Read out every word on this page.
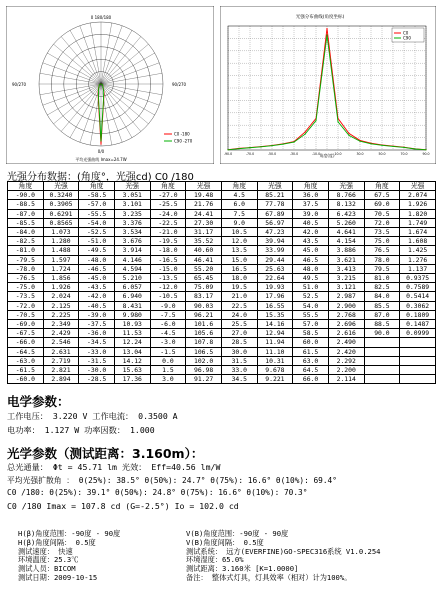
0 180/180
90/270	90/270
0/0
平均光强曲线 Imax=24.7W
C0 -180
C90 -270
光强分布曲线(角度坐标)
-90.0	-70.0	-50.0	-30.0	-10.0	10.0	30.0	50.0	70.0	90.0
C0
C90
角度(度)
光强分布数据：(角度°，光强cd) C0 /180
角度	光强	角度	光强	角度	光强	角度	光强	角度	光强	角度	光强
-90.0	0.3240	-58.5	3.051	-27.0	19.48	4.5	85.21	36.0	8.766	67.5	2.074
-88.5	0.3905	-57.0	3.101	-25.5	21.76	6.0	77.78	37.5	8.132	69.0	1.926
-87.0	0.6291	-55.5	3.235	-24.0	24.41	7.5	67.89	39.0	6.423	70.5	1.820
-85.5	0.8565	-54.0	3.376	-22.5	27.30	9.0	56.97	40.5	5.260	72.0	1.749
-84.0	1.073	-52.5	3.534	-21.0	31.17	10.5	47.23	42.0	4.641	73.5	1.674
-82.5	1.280	-51.0	3.676	-19.5	35.52	12.0	39.94	43.5	4.154	75.0	1.608
-81.0	1.488	-49.5	3.914	-18.0	40.60	13.5	33.99	45.0	3.886	76.5	1.425
-79.5	1.597	-48.0	4.146	-16.5	46.41	15.0	29.44	46.5	3.621	78.0	1.276
-78.0	1.724	-46.5	4.594	-15.0	55.20	16.5	25.63	48.0	3.413	79.5	1.137
-76.5	1.856	-45.0	5.210	-13.5	65.45	18.0	22.64	49.5	3.215	81.0	0.9375
-75.0	1.926	-43.5	6.057	-12.0	75.09	19.5	19.93	51.0	3.121	82.5	0.7589
-73.5	2.024	-42.0	6.940	-10.5	83.17	21.0	17.96	52.5	2.987	84.0	0.5414
-72.0	2.125	-40.5	8.431	-9.0	90.03	22.5	16.55	54.0	2.900	85.5	0.3062
-70.5	2.225	-39.0	9.980	-7.5	96.21	24.0	15.35	55.5	2.768	87.0	0.1809
-69.0	2.349	-37.5	10.93	-6.0	101.6	25.5	14.16	57.0	2.696	88.5	0.1487
-67.5	2.429	-36.0	11.53	-4.5	105.6	27.0	12.94	58.5	2.616	90.0	0.0999
-66.0	2.546	-34.5	12.24	-3.0	107.8	28.5	11.94	60.0	2.490		
-64.5	2.631	-33.0	13.04	-1.5	106.5	30.0	11.10	61.5	2.420		
-63.0	2.719	-31.5	14.12	0.0	102.0	31.5	10.31	63.0	2.292		
-61.5	2.821	-30.0	15.63	1.5	96.98	33.0	9.678	64.5	2.200		
-60.0	2.894	-28.5	17.36	3.0	91.27	34.5	9.221	66.0	2.114		
电学参数：
工作电压： 3.220 V 工作电流： 0.3500 A
电功率： 1.127 W 功率因数： 1.000
光学参数（测试距离：3.160m）：
总光通量： Φt = 45.71 lm 光效： Eff=40.56 lm/W
平均光强扩散角 ： θ(25%): 38.5° θ(50%): 24.7° θ(75%): 16.6° θ(10%): 69.4°
C0 /180: θ(25%): 39.1° θ(50%): 24.8° θ(75%): 16.6° θ(10%): 70.3°
C0 /180 Imax = 107.8 cd (G=-2.5°) Io = 102.0 cd
H(β)角度范围：-90度 - 90度
H(β)角度间隔： 0.5度
测试速度： 快速
环境温度：25.3℃
测试人员：BICOM
测试日期：2009-10-15
V(B)角度范围：-90度 - 90度
V(B)角度间隔： 0.5度
测试系统： 远方(EVERFINE)GO-SPEC316系统 V1.0.254
环境湿度：65.0%
测试距离：3.160米 [K=1.0000]
备注： 整体式灯具，灯具效率（相对）计为100%。
